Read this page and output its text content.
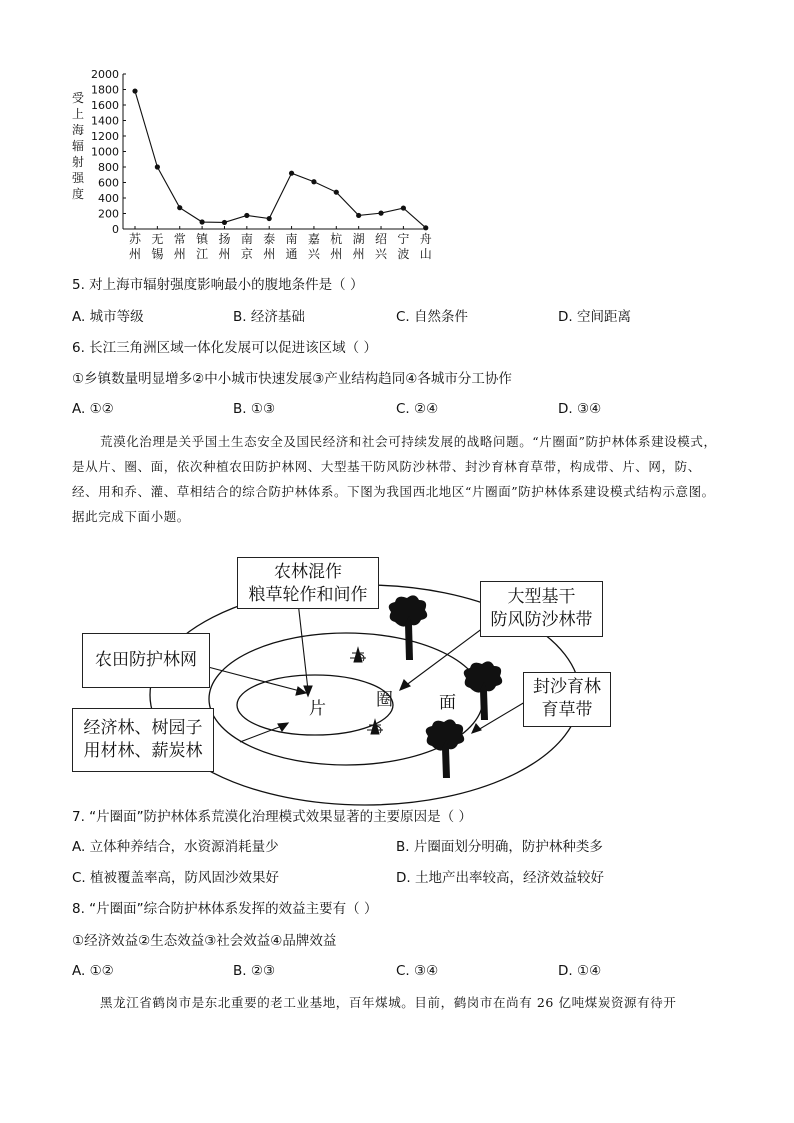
受
上
海
辐
射
强
度
0
200
400
600
800
1000
1200
1400
1600
1800
2000
苏
州
无
锡
常
州
镇
江
扬
州
南
京
泰
州
南
通
嘉
兴
杭
州
湖
州
绍
兴
宁
波
舟
山
5. 对上海市辐射强度影响最小的腹地条件是（ ）
A. 城市等级	B. 经济基础	C. 自然条件	D. 空间距离
6. 长江三角洲区域一体化发展可以促进该区域（ ）
①乡镇数量明显增多②中小城市快速发展③产业结构趋同④各城市分工协作
A. ①②	B. ①③	C. ②④	D. ③④
荒漠化治理是关乎国土生态安全及国民经济和社会可持续发展的战略问题。“片圈面”防护林体系建设模式，是从片、圈、面，依次种植农田防护林网、大型基干防风防沙林带、封沙育林育草带，构成带、片、网，防、经、用和乔、灌、草相结合的综合防护林体系。下图为我国西北地区“片圈面”防护林体系建设模式结构示意图。据此完成下面小题。
片	圈	面
农林混作
粮草轮作和间作	大型基干
防风防沙林带
农田防护林网
封沙育林
育草带
经济林、树园子
用材林、薪炭林
7. “片圈面”防护林体系荒漠化治理模式效果显著的主要原因是（ ）
A. 立体种养结合，水资源消耗量少	B. 片圈面划分明确，防护林种类多
C. 植被覆盖率高，防风固沙效果好	D. 土地产出率较高，经济效益较好
8. “片圈面”综合防护林体系发挥的效益主要有（ ）
①经济效益②生态效益③社会效益④品牌效益
A. ①②	B. ②③	C. ③④	D. ①④
黑龙江省鹤岗市是东北重要的老工业基地，百年煤城。目前，鹤岗市在尚有 26 亿吨煤炭资源有待开
